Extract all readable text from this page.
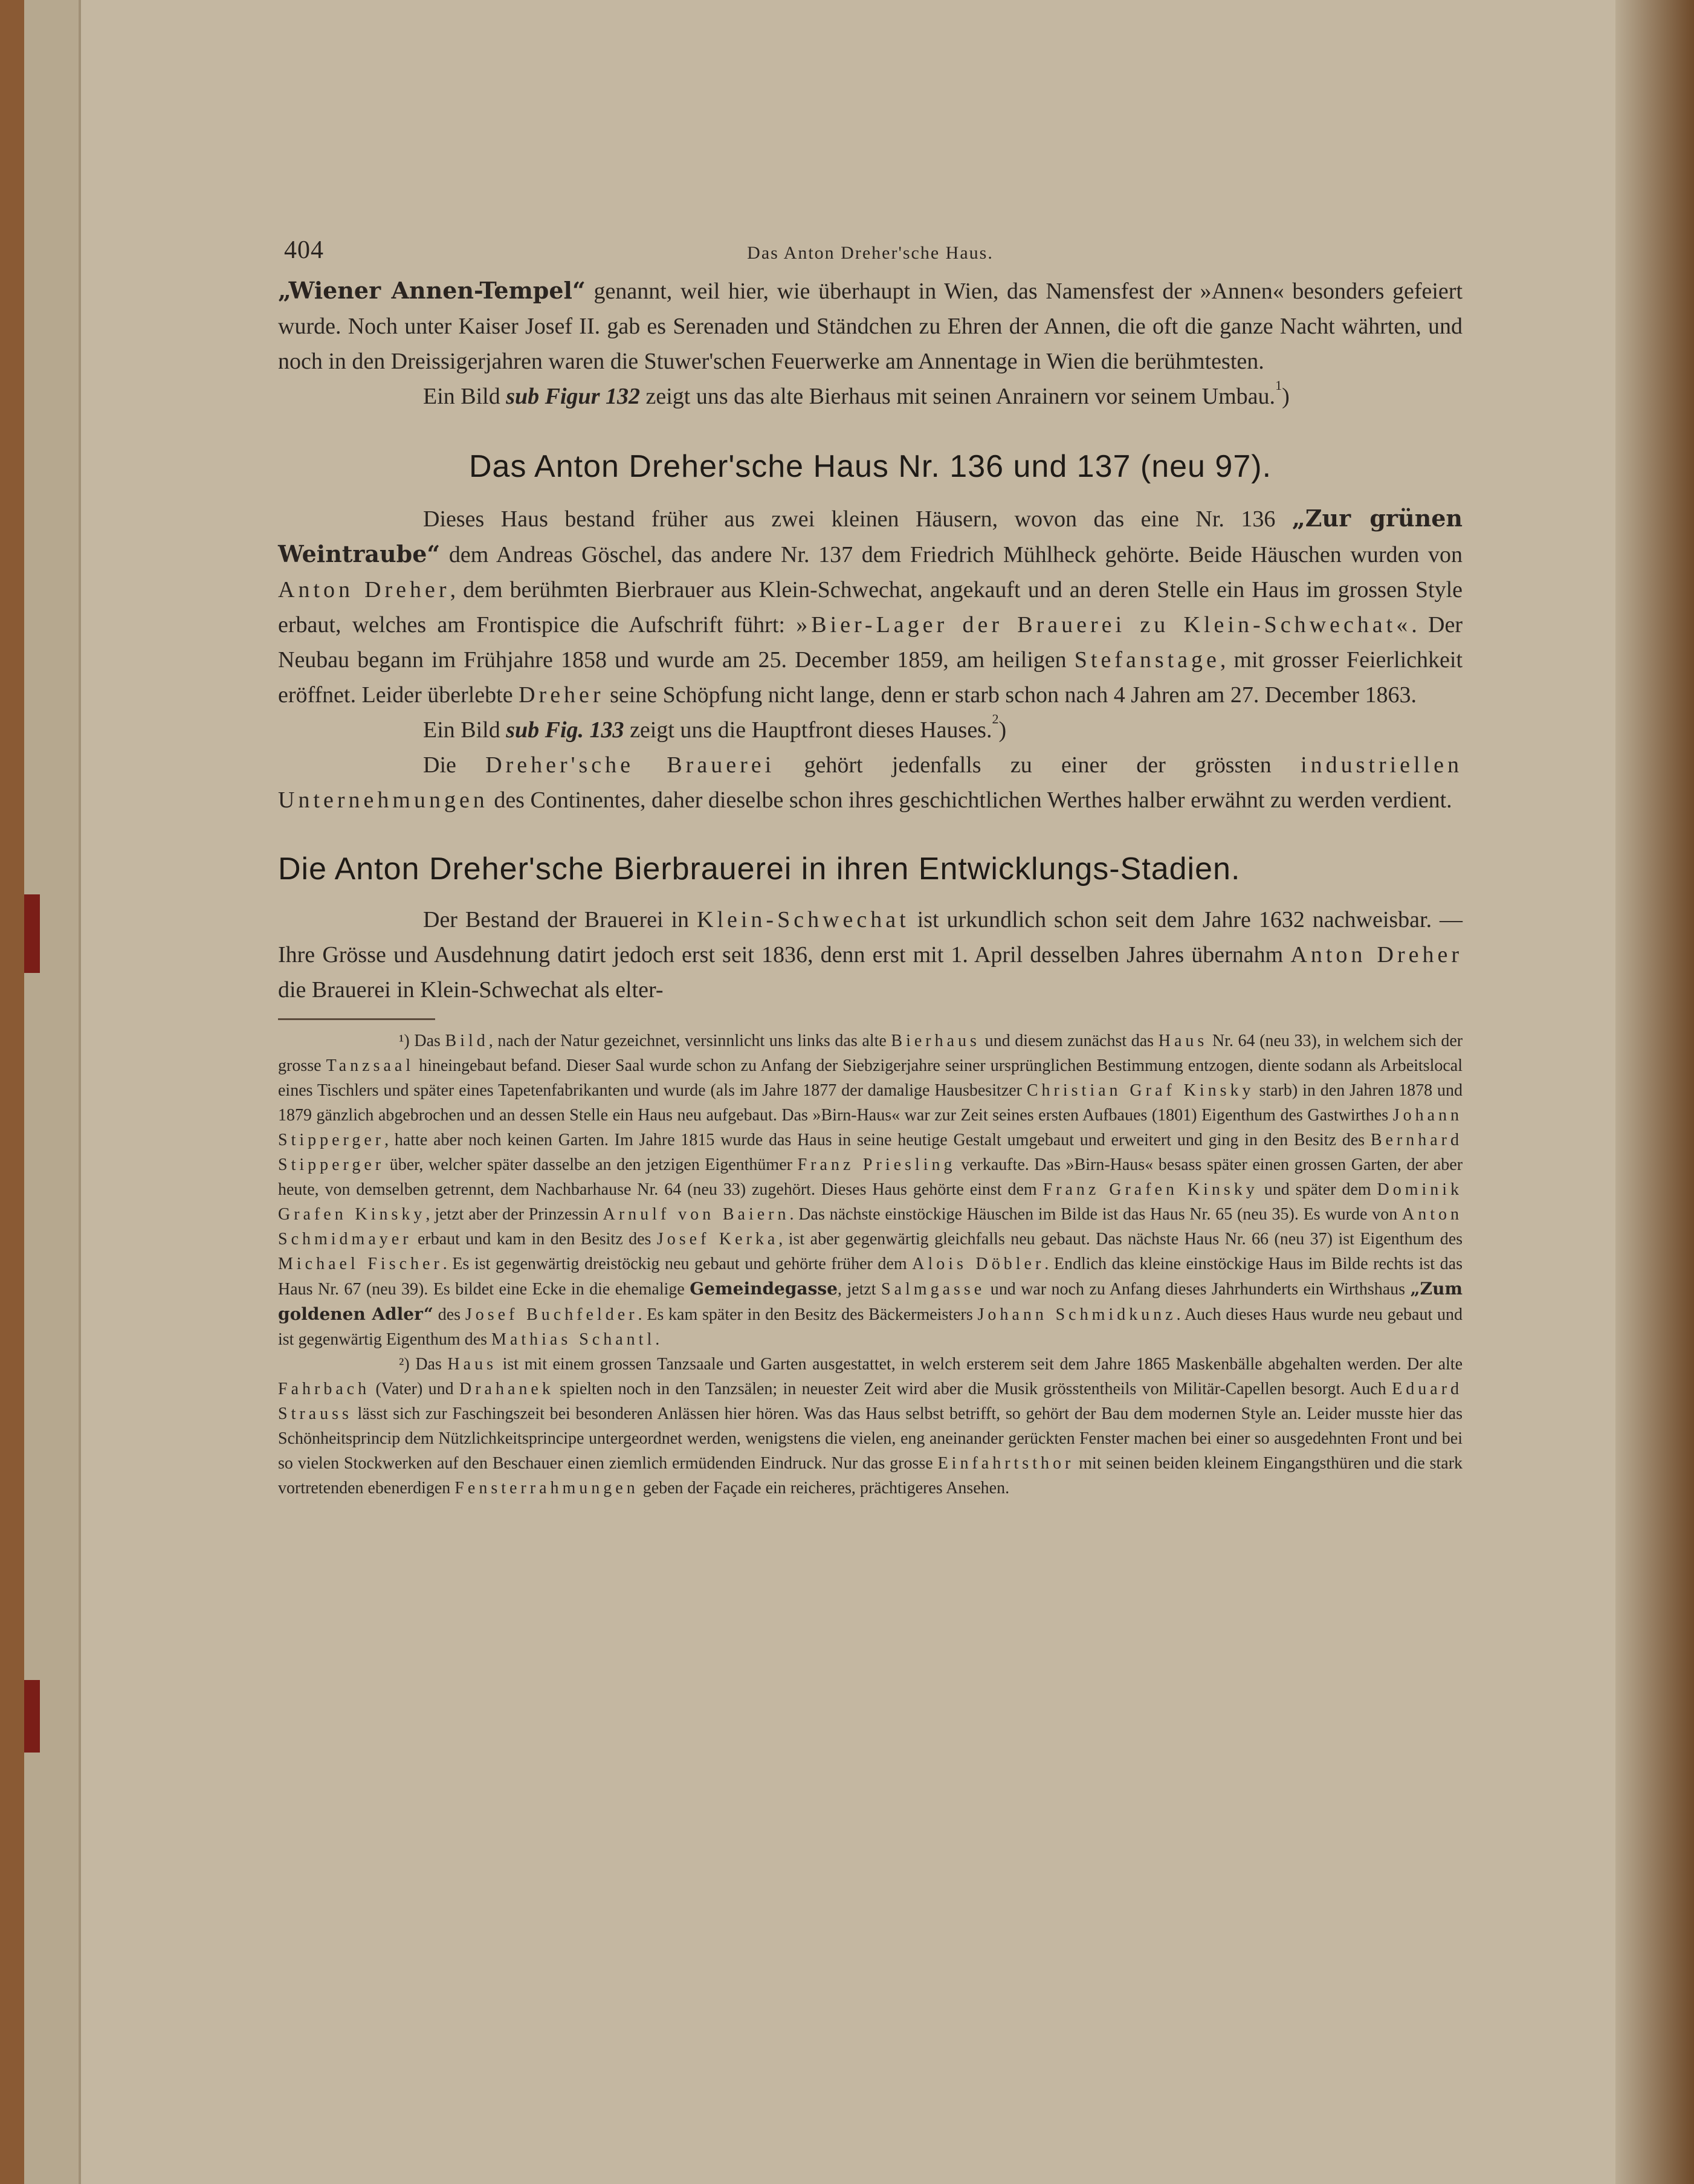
404	Das Anton Dreher'sche Haus.

„Wiener Annen-Tempel“ genannt, weil hier, wie überhaupt in Wien, das Namensfest der »Annen« besonders gefeiert wurde. Noch unter Kaiser Josef II. gab es Serenaden und Ständchen zu Ehren der Annen, die oft die ganze Nacht währten, und noch in den Dreissigerjahren waren die Stuwer'schen Feuerwerke am Annentage in Wien die berühmtesten.

Ein Bild sub Figur 132 zeigt uns das alte Bierhaus mit seinen Anrainern vor seinem Umbau.$^1$)

Das Anton Dreher'sche Haus Nr. 136 und 137 (neu 97).

Dieses Haus bestand früher aus zwei kleinen Häusern, wovon das eine Nr. 136 „Zur grünen Weintraube“ dem Andreas Göschel, das andere Nr. 137 dem Friedrich Mühlheck gehörte. Beide Häuschen wurden von Anton Dreher, dem berühmten Bierbrauer aus Klein-Schwechat, angekauft und an deren Stelle ein Haus im grossen Style erbaut, welches am Frontispice die Aufschrift führt: »Bier-Lager der Brauerei zu Klein-Schwechat«. Der Neubau begann im Frühjahre 1858 und wurde am 25. December 1859, am heiligen Stefanstage, mit grosser Feierlichkeit eröffnet. Leider überlebte Dreher seine Schöpfung nicht lange, denn er starb schon nach 4 Jahren am 27. December 1863.

Ein Bild sub Fig. 133 zeigt uns die Hauptfront dieses Hauses.$^2$)

Die Dreher'sche Brauerei gehört jedenfalls zu einer der grössten industriellen Unternehmungen des Continentes, daher dieselbe schon ihres geschichtlichen Werthes halber erwähnt zu werden verdient.

Die Anton Dreher'sche Bierbrauerei in ihren Entwicklungs-Stadien.

Der Bestand der Brauerei in Klein-Schwechat ist urkundlich schon seit dem Jahre 1632 nachweisbar. — Ihre Grösse und Ausdehnung datirt jedoch erst seit 1836, denn erst mit 1. April desselben Jahres übernahm Anton Dreher die Brauerei in Klein-Schwechat als elter-

¹) Das Bild, nach der Natur gezeichnet, versinnlicht uns links das alte Bierhaus und diesem zunächst das Haus Nr. 64 (neu 33), in welchem sich der grosse Tanzsaal hineingebaut befand. Dieser Saal wurde schon zu Anfang der Siebzigerjahre seiner ursprünglichen Bestimmung entzogen, diente sodann als Arbeitslocal eines Tischlers und später eines Tapetenfabrikanten und wurde (als im Jahre 1877 der damalige Hausbesitzer Christian Graf Kinsky starb) in den Jahren 1878 und 1879 gänzlich abgebrochen und an dessen Stelle ein Haus neu aufgebaut. Das »Birn-Haus« war zur Zeit seines ersten Aufbaues (1801) Eigenthum des Gastwirthes Johann Stipperger, hatte aber noch keinen Garten. Im Jahre 1815 wurde das Haus in seine heutige Gestalt umgebaut und erweitert und ging in den Besitz des Bernhard Stipperger über, welcher später dasselbe an den jetzigen Eigenthümer Franz Priesling verkaufte. Das »Birn-Haus« besass später einen grossen Garten, der aber heute, von demselben getrennt, dem Nachbarhause Nr. 64 (neu 33) zugehört. Dieses Haus gehörte einst dem Franz Grafen Kinsky und später dem Dominik Grafen Kinsky, jetzt aber der Prinzessin Arnulf von Baiern. Das nächste einstöckige Häuschen im Bilde ist das Haus Nr. 65 (neu 35). Es wurde von Anton Schmidmayer erbaut und kam in den Besitz des Josef Kerka, ist aber gegenwärtig gleichfalls neu gebaut. Das nächste Haus Nr. 66 (neu 37) ist Eigenthum des Michael Fischer. Es ist gegenwärtig dreistöckig neu gebaut und gehörte früher dem Alois Döbler. Endlich das kleine einstöckige Haus im Bilde rechts ist das Haus Nr. 67 (neu 39). Es bildet eine Ecke in die ehemalige Gemeindegasse, jetzt Salmgasse und war noch zu Anfang dieses Jahrhunderts ein Wirthshaus „Zum goldenen Adler“ des Josef Buchfelder. Es kam später in den Besitz des Bäckermeisters Johann Schmidkunz. Auch dieses Haus wurde neu gebaut und ist gegenwärtig Eigenthum des Mathias Schantl.

²) Das Haus ist mit einem grossen Tanzsaale und Garten ausgestattet, in welch ersterem seit dem Jahre 1865 Maskenbälle abgehalten werden. Der alte Fahrbach (Vater) und Drahanek spielten noch in den Tanzsälen; in neuester Zeit wird aber die Musik grösstentheils von Militär-Capellen besorgt. Auch Eduard Strauss lässt sich zur Faschingszeit bei besonderen Anlässen hier hören. Was das Haus selbst betrifft, so gehört der Bau dem modernen Style an. Leider musste hier das Schönheitsprincip dem Nützlichkeitsprincipe untergeordnet werden, wenigstens die vielen, eng aneinander gerückten Fenster machen bei einer so ausgedehnten Front und bei so vielen Stockwerken auf den Beschauer einen ziemlich ermüdenden Eindruck. Nur das grosse Einfahrtsthor mit seinen beiden kleinem Eingangsthüren und die stark vortretenden ebenerdigen Fensterrahmungen geben der Façade ein reicheres, prächtigeres Ansehen.
